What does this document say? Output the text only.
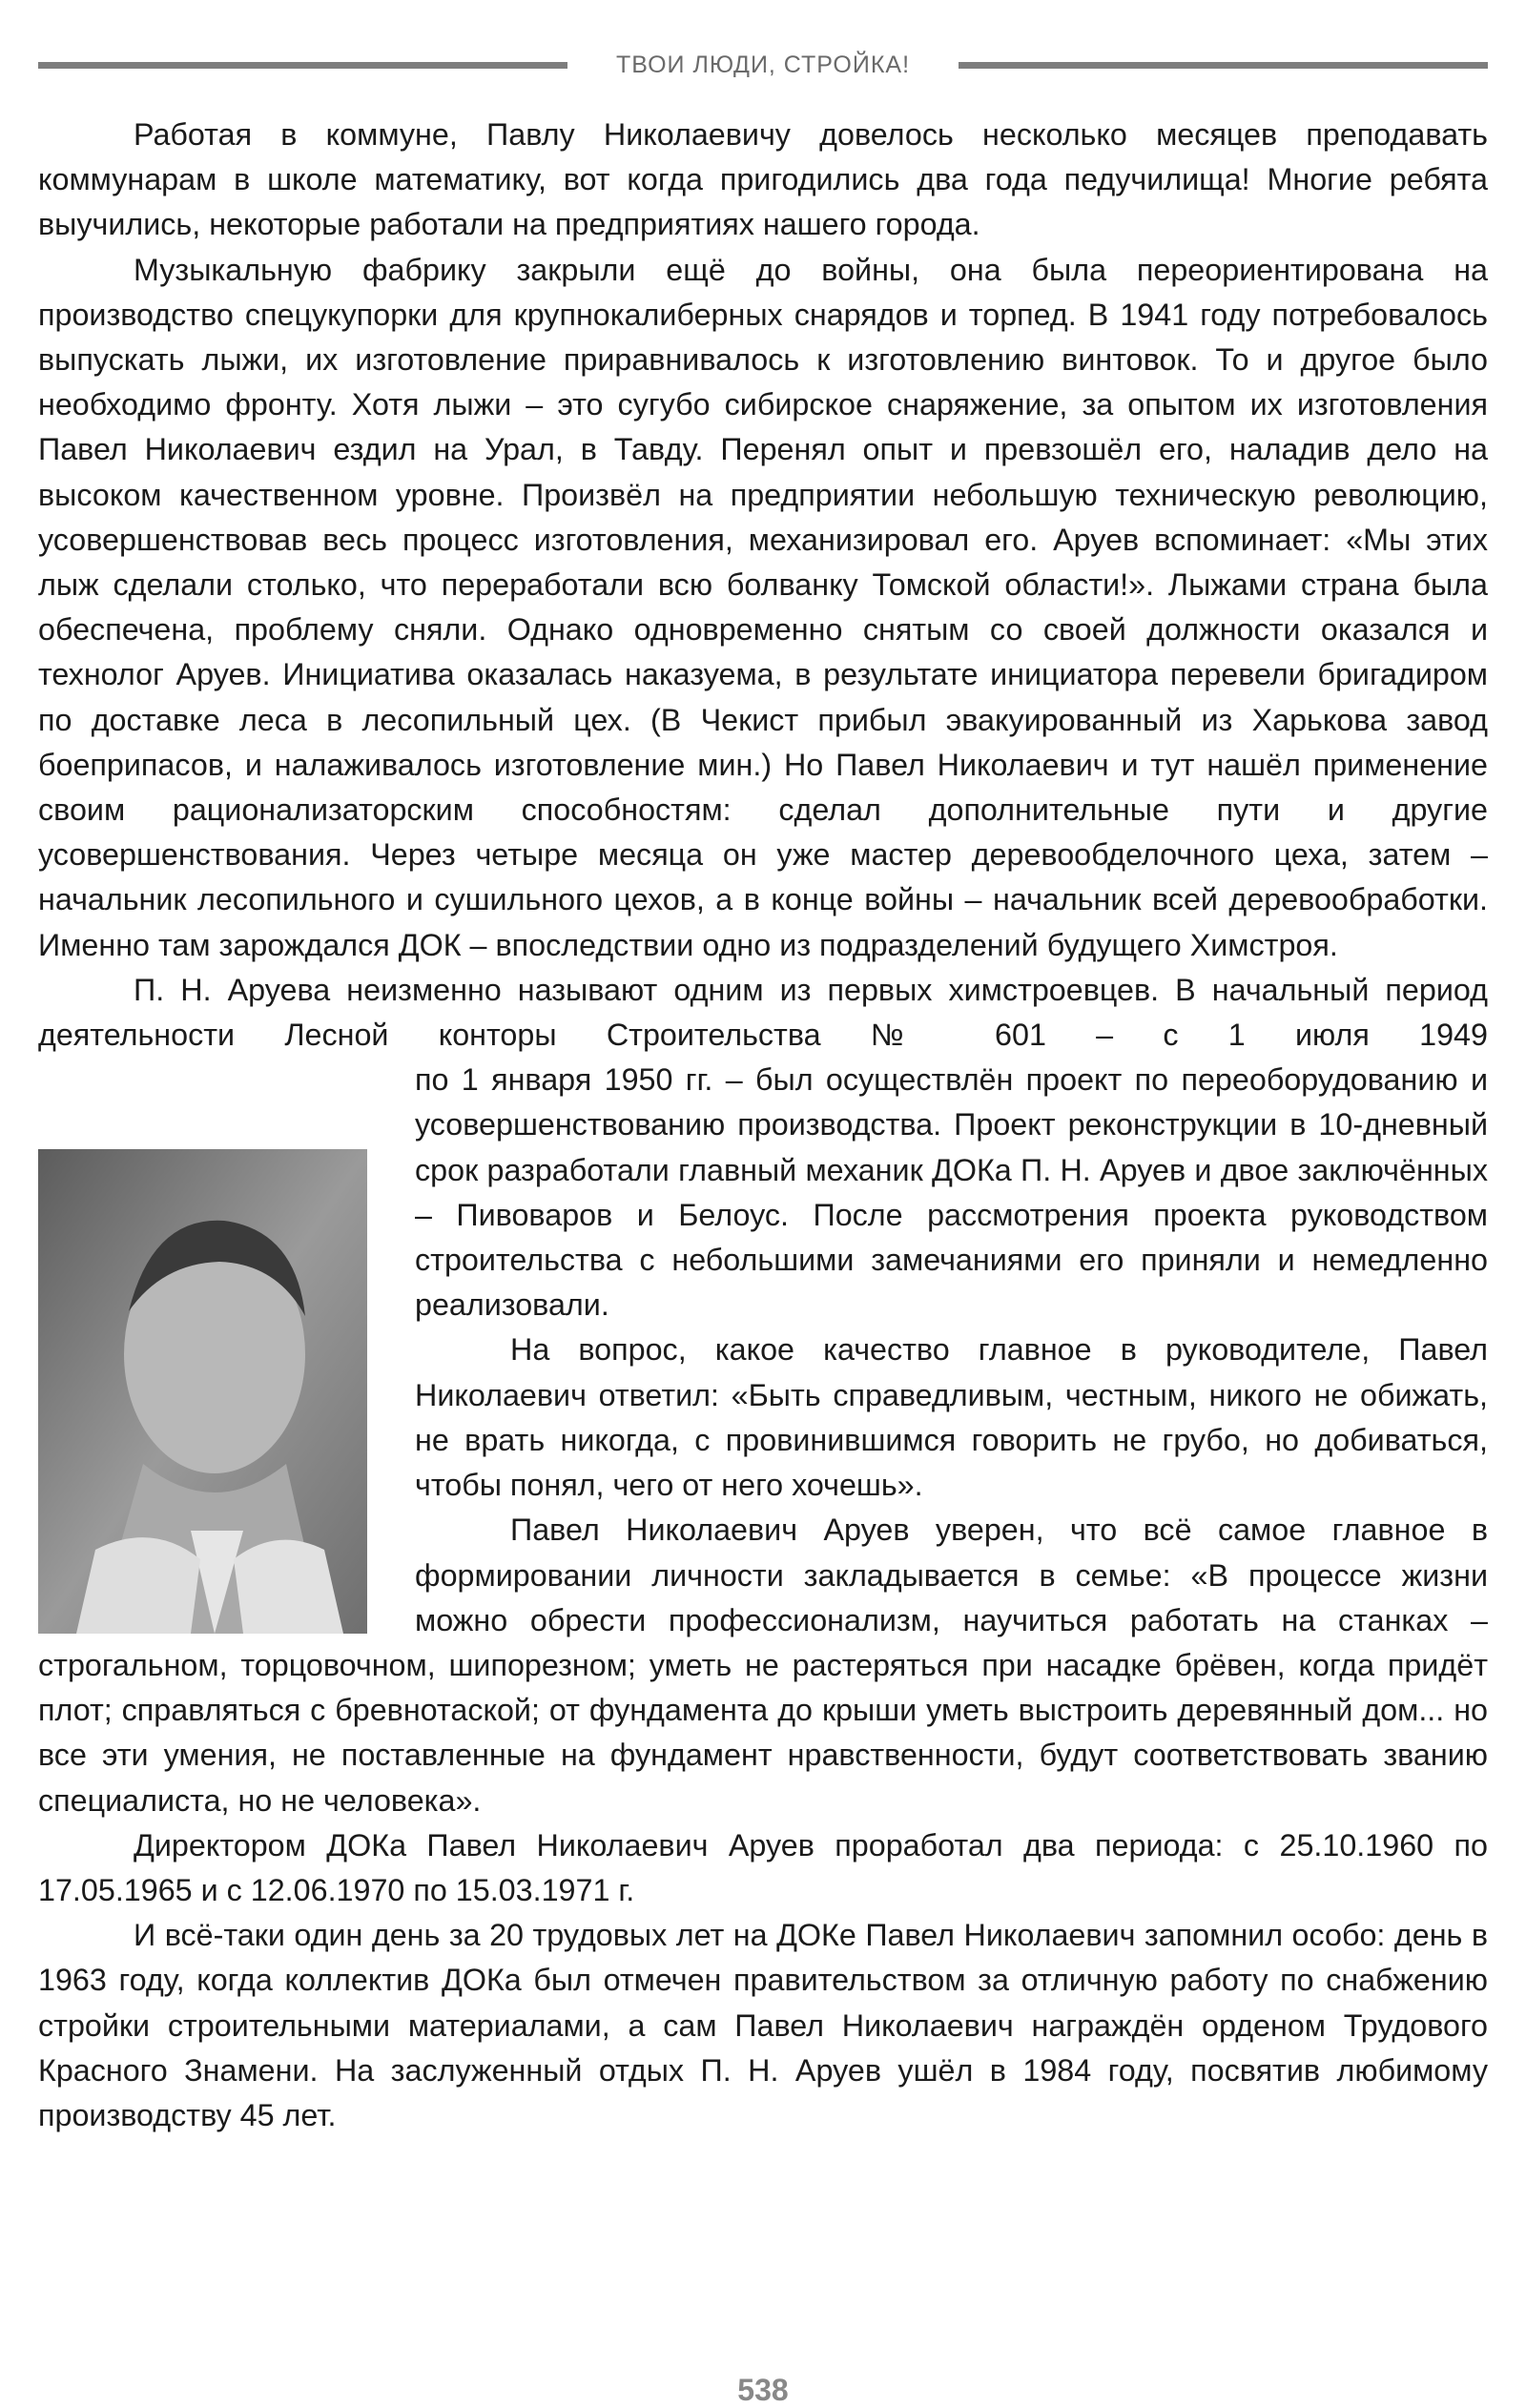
ТВОИ ЛЮДИ, СТРОЙКА!

Работая в коммуне, Павлу Николаевичу довелось несколько месяцев преподавать коммунарам в школе математику, вот когда пригодились два года педучилища! Многие ребята выучились, некоторые работали на предприятиях нашего города.

Музыкальную фабрику закрыли ещё до войны, она была переориентирована на производство спецукупорки для крупнокалиберных снарядов и торпед. В 1941 году потребовалось выпускать лыжи, их изготовление приравнивалось к изготовлению винтовок. То и другое было необходимо фронту. Хотя лыжи – это сугубо сибирское снаряжение, за опытом их изготовления Павел Николаевич ездил на Урал, в Тавду. Перенял опыт и превзошёл его, наладив дело на высоком качественном уровне. Произвёл на предприятии небольшую техническую революцию, усовершенствовав весь процесс изготовления, механизировал его. Аруев вспоминает: «Мы этих лыж сделали столько, что переработали всю болванку Томской области!». Лыжами страна была обеспечена, проблему сняли. Однако одновременно снятым со своей должности оказался и технолог Аруев. Инициатива оказалась наказуема, в результате инициатора перевели бригадиром по доставке леса в лесопильный цех. (В Чекист прибыл эвакуированный из Харькова завод боеприпасов, и налаживалось изготовление мин.) Но Павел Николаевич и тут нашёл применение своим рационализаторским способностям: сделал дополнительные пути и другие усовершенствования. Через четыре месяца он уже мастер деревообделочного цеха, затем – начальник лесопильного и сушильного цехов, а в конце войны – начальник всей деревообработки. Именно там зарождался ДОК – впоследствии одно из подразделений будущего Химстроя.

П. Н. Аруева неизменно называют одним из первых химстроевцев. В начальный период деятельности Лесной конторы Строительства № 601 – с 1 июля 1949

по 1 января 1950 гг. – был осуществлён проект по переоборудованию и усовершенствованию производства. Проект реконструкции в 10-дневный срок разработали главный механик ДОКа П. Н. Аруев и двое заключённых – Пивоваров и Белоус. После рассмотрения проекта руководством строительства с небольшими замечаниями его приняли и немедленно реализовали.

На вопрос, какое качество главное в руководителе, Павел Николаевич ответил: «Быть справедливым, честным, никого не обижать, не врать никогда, с провинившимся говорить не грубо, но добиваться, чтобы понял, чего от него хочешь».

Павел Николаевич Аруев уверен, что всё самое главное в формировании личности закладывается в семье: «В процессе жизни можно обрести профессионализм, научиться работать на станках – строгальном, торцовочном, шипорезном; уметь не растеряться при насадке брёвен, когда придёт плот; справляться с бревнотаской; от фундамента до крыши уметь выстроить деревянный дом... но все эти умения, не поставленные на фундамент нравственности, будут соответствовать званию специалиста, но не человека».

Директором ДОКа Павел Николаевич Аруев проработал два периода: с 25.10.1960 по 17.05.1965 и с 12.06.1970 по 15.03.1971 г.

И всё-таки один день за 20 трудовых лет на ДОКе Павел Николаевич запомнил особо: день в 1963 году, когда коллектив ДОКа был отмечен правительством за отличную работу по снабжению стройки строительными материалами, а сам Павел Николаевич награждён орденом Трудового Красного Знамени. На заслуженный отдых П. Н. Аруев ушёл в 1984 году, посвятив любимому производству 45 лет.

538
